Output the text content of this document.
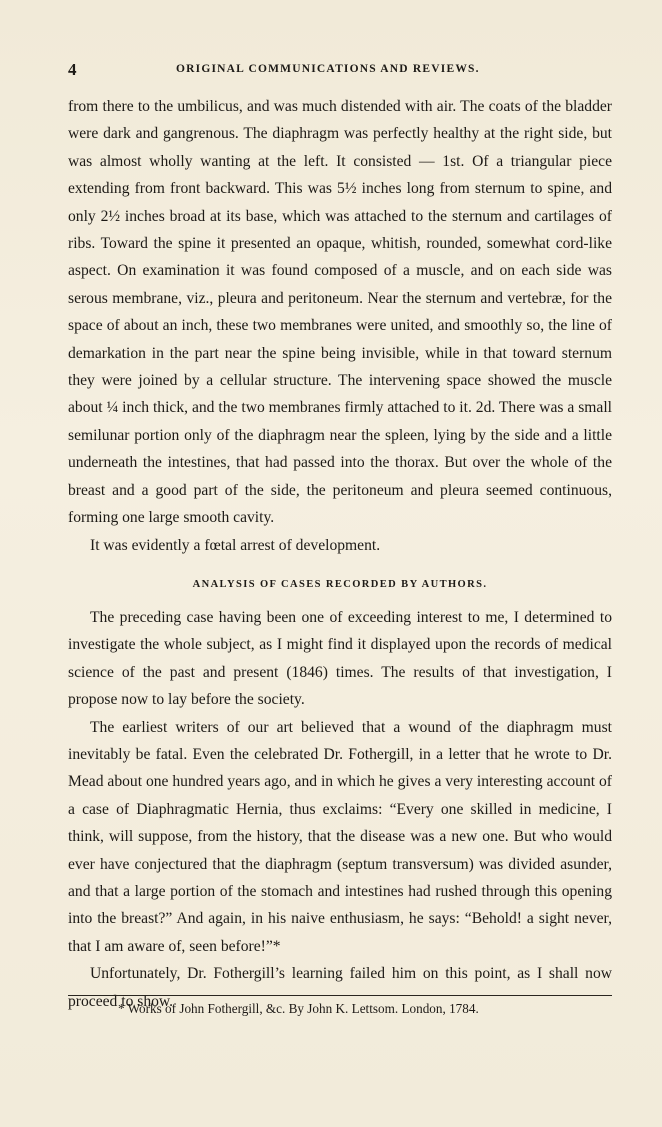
4	ORIGINAL COMMUNICATIONS AND REVIEWS.

from there to the umbilicus, and was much distended with air. The coats of the bladder were dark and gangrenous. The diaphragm was perfectly healthy at the right side, but was almost wholly wanting at the left. It consisted — 1st. Of a triangular piece extending from front backward. This was 5½ inches long from sternum to spine, and only 2½ inches broad at its base, which was attached to the sternum and cartilages of ribs. Toward the spine it presented an opaque, whitish, rounded, somewhat cord-like aspect. On examination it was found composed of a muscle, and on each side was serous membrane, viz., pleura and peritoneum. Near the sternum and vertebræ, for the space of about an inch, these two membranes were united, and smoothly so, the line of demarkation in the part near the spine being invisible, while in that toward sternum they were joined by a cellular structure. The intervening space showed the muscle about ¼ inch thick, and the two membranes firmly attached to it. 2d. There was a small semilunar portion only of the diaphragm near the spleen, lying by the side and a little underneath the intestines, that had passed into the thorax. But over the whole of the breast and a good part of the side, the peritoneum and pleura seemed continuous, forming one large smooth cavity.

It was evidently a fœtal arrest of development.

ANALYSIS OF CASES RECORDED BY AUTHORS.

The preceding case having been one of exceeding interest to me, I determined to investigate the whole subject, as I might find it displayed upon the records of medical science of the past and present (1846) times. The results of that investigation, I propose now to lay before the society.

The earliest writers of our art believed that a wound of the diaphragm must inevitably be fatal. Even the celebrated Dr. Fothergill, in a letter that he wrote to Dr. Mead about one hundred years ago, and in which he gives a very interesting account of a case of Diaphragmatic Hernia, thus exclaims: “Every one skilled in medicine, I think, will suppose, from the history, that the disease was a new one. But who would ever have conjectured that the diaphragm (septum transversum) was divided asunder, and that a large portion of the stomach and intestines had rushed through this opening into the breast?” And again, in his naive enthusiasm, he says: “Behold! a sight never, that I am aware of, seen before!”*

Unfortunately, Dr. Fothergill’s learning failed him on this point, as I shall now proceed to show.

* Works of John Fothergill, &c. By John K. Lettsom. London, 1784.
